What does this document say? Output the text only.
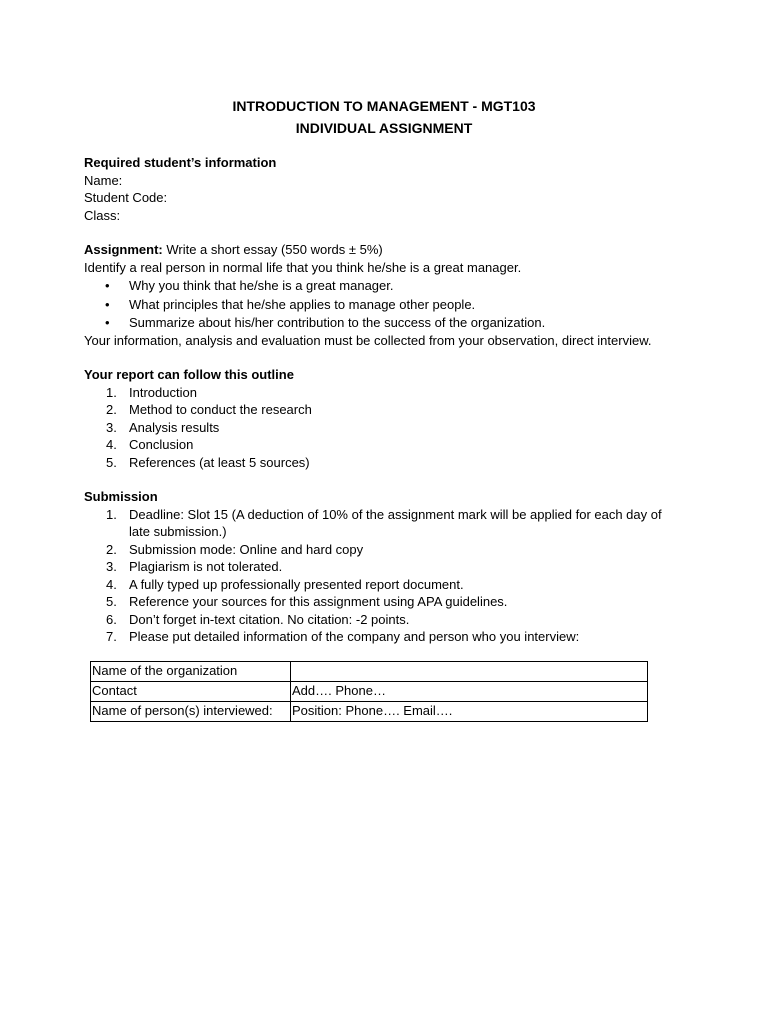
INTRODUCTION TO MANAGEMENT - MGT103

INDIVIDUAL ASSIGNMENT

Required student’s information

Name:

Student Code:

Class:

Assignment: Write a short essay (550 words ± 5%)

Identify a real person in normal life that you think he/she is a great manager.

• Why you think that he/she is a great manager.
• What principles that he/she applies to manage other people.
• Summarize about his/her contribution to the success of the organization.

Your information, analysis and evaluation must be collected from your observation, direct interview.

Your report can follow this outline

1. Introduction
2. Method to conduct the research
3. Analysis results
4. Conclusion
5. References (at least 5 sources)

Submission

1. Deadline: Slot 15 (A deduction of 10% of the assignment mark will be applied for each day of late submission.)
2. Submission mode: Online and hard copy
3. Plagiarism is not tolerated.
4. A fully typed up professionally presented report document.
5. Reference your sources for this assignment using APA guidelines.
6. Don’t forget in-text citation. No citation: -2 points.
7. Please put detailed information of the company and person who you interview:
Name of the organization	
Contact	Add…. Phone…
Name of person(s) interviewed:	Position: Phone…. Email….
